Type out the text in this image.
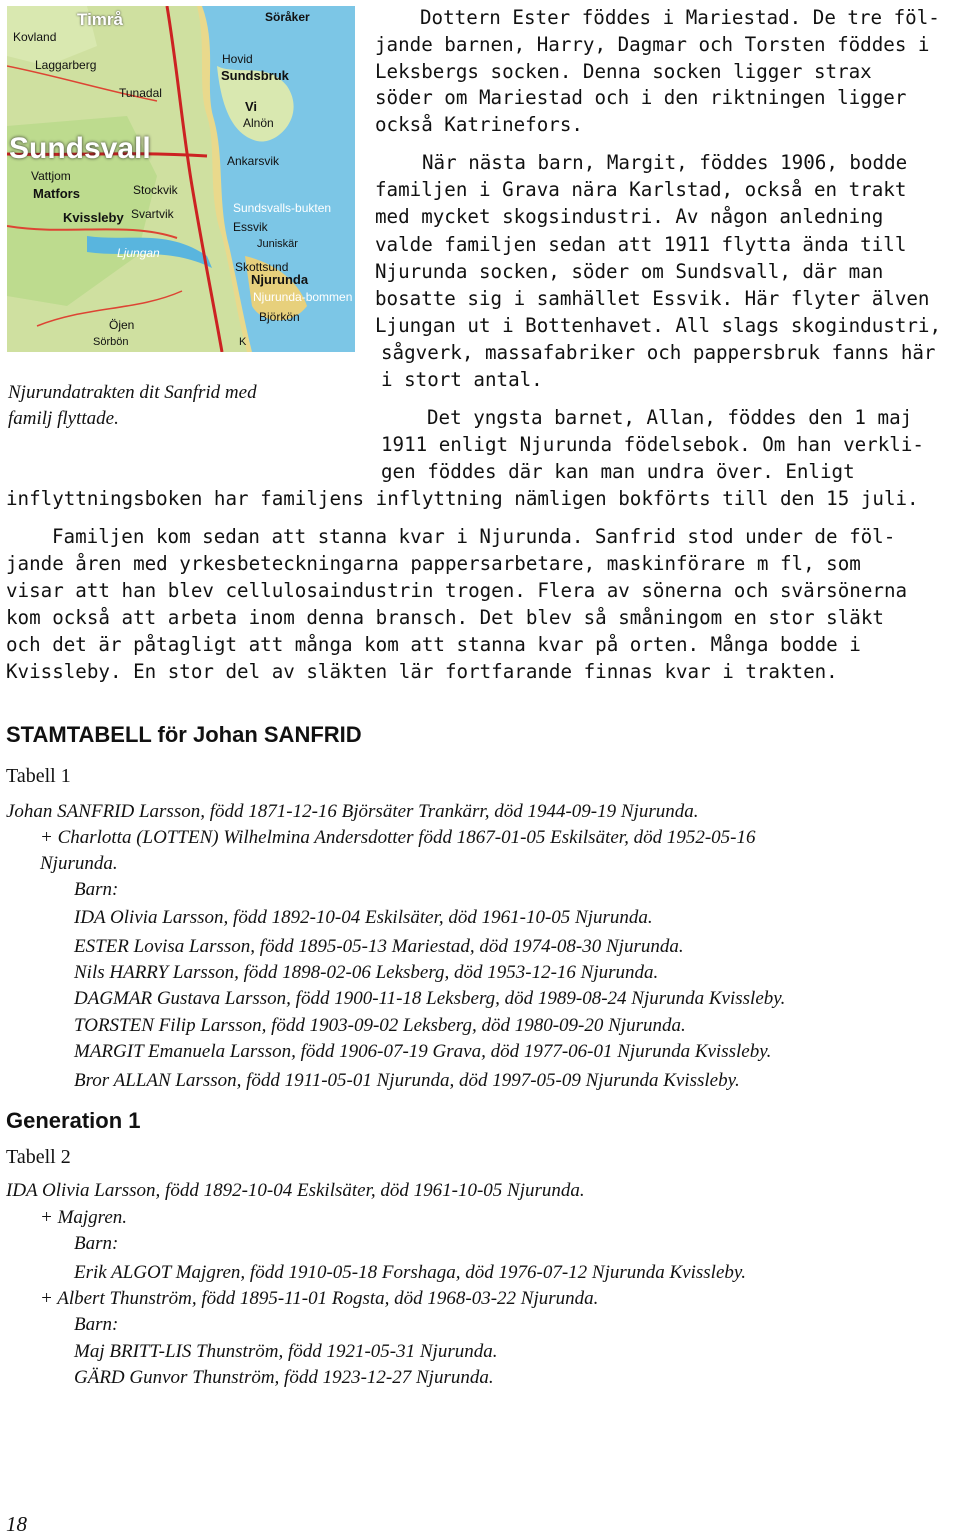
Timrå	Söråker
Kovland
Hovid
Laggarberg
Sundsbruk
Tunadal
Vi
Alnön
Sundsvall	Ankarsvik
Vattjom
Matfors	Stockvik
Svartvik	Sundsvalls-bukten
Essvik
Kvissleby
Juniskär
Ljungan
Skottsund
Njurunda
Njurunda-bommen
Björkön
Öjen
Sörbön	K
Njurundatrakten dit Sanfrid med
familj flyttade.
Dottern Ester föddes i Mariestad. De tre föl-
jande barnen, Harry, Dagmar och Torsten föddes i
Leksbergs socken. Denna socken ligger strax
söder om Mariestad och i den riktningen ligger
också Katrinefors.
När nästa barn, Margit, föddes 1906, bodde
familjen i Grava nära Karlstad, också en trakt
med mycket skogsindustri. Av någon anledning
valde familjen sedan att 1911 flytta ända till
Njurunda socken, söder om Sundsvall, där man
bosatte sig i samhället Essvik. Här flyter älven
Ljungan ut i Bottenhavet. All slags skogindustri,
sågverk, massafabriker och pappersbruk fanns här
i stort antal.
Det yngsta barnet, Allan, föddes den 1 maj
1911 enligt Njurunda födelsebok. Om han verkli-
gen föddes där kan man undra över. Enligt
inflyttningsboken har familjens inflyttning nämligen bokförts till den 15 juli.
Familjen kom sedan att stanna kvar i Njurunda. Sanfrid stod under de föl-
jande åren med yrkesbeteckningarna pappersarbetare, maskinförare m fl, som
visar att han blev cellulosaindustrin trogen. Flera av sönerna och svärsönerna
kom också att arbeta inom denna bransch. Det blev så småningom en stor släkt
och det är påtagligt att många kom att stanna kvar på orten. Många bodde i
Kvissleby. En stor del av släkten lär fortfarande finnas kvar i trakten.
STAMTABELL för Johan SANFRID
Tabell 1
Johan SANFRID Larsson, född 1871-12-16 Björsäter Trankärr, död 1944-09-19 Njurunda.
+ Charlotta (LOTTEN) Wilhelmina Andersdotter född 1867-01-05 Eskilsäter, död 1952-05-16
Njurunda.
Barn:
IDA Olivia Larsson, född 1892-10-04 Eskilsäter, död 1961-10-05 Njurunda.
ESTER Lovisa Larsson, född 1895-05-13 Mariestad, död 1974-08-30 Njurunda.
Nils HARRY Larsson, född 1898-02-06 Leksberg, död 1953-12-16 Njurunda.
DAGMAR Gustava Larsson, född 1900-11-18 Leksberg, död 1989-08-24 Njurunda Kvissleby.
TORSTEN Filip Larsson, född 1903-09-02 Leksberg, död 1980-09-20 Njurunda.
MARGIT Emanuela Larsson, född 1906-07-19 Grava, död 1977-06-01 Njurunda Kvissleby.
Bror ALLAN Larsson, född 1911-05-01 Njurunda, död 1997-05-09 Njurunda Kvissleby.
Generation 1
Tabell 2
IDA Olivia Larsson, född 1892-10-04 Eskilsäter, död 1961-10-05 Njurunda.
+ Majgren.
Barn:
Erik ALGOT Majgren, född 1910-05-18 Forshaga, död 1976-07-12 Njurunda Kvissleby.
+ Albert Thunström, född 1895-11-01 Rogsta, död 1968-03-22 Njurunda.
Barn:
Maj BRITT-LIS Thunström, född 1921-05-31 Njurunda.
GÄRD Gunvor Thunström, född 1923-12-27 Njurunda.
18
